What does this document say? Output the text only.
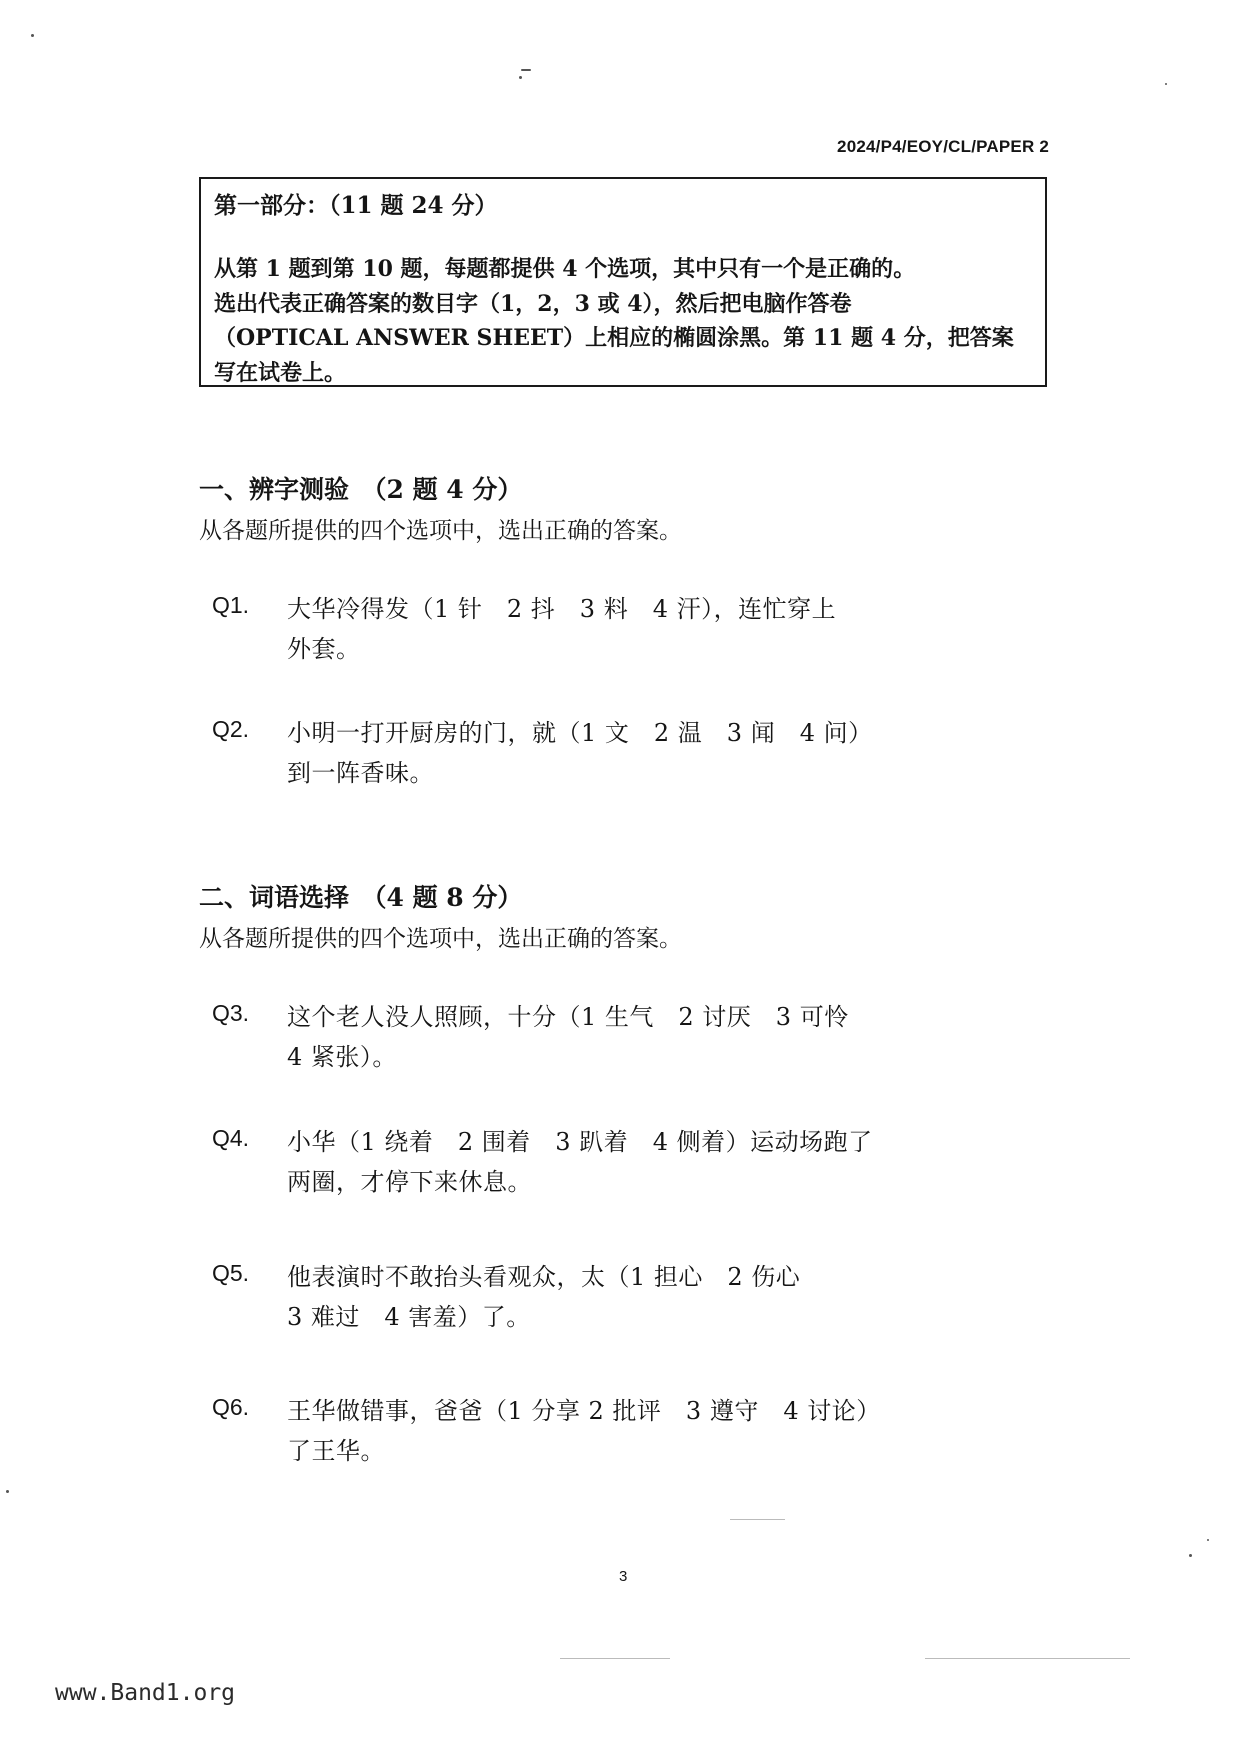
2024/P4/EOY/CL/PAPER 2
第一部分：（11 题 24 分）
从第 1 题到第 10 题，每题都提供 4 个选项，其中只有一个是正确的。
选出代表正确答案的数目字（1，2，3 或 4），然后把电脑作答卷
（OPTICAL ANSWER SHEET）上相应的椭圆涂黑。第 11 题 4 分，把答案
写在试卷上。
一、辨字测验　（2 题 4 分）
从各题所提供的四个选项中，选出正确的答案。
Q1. 大华冷得发（1 针　2 抖　3 料　4 汗），连忙穿上
外套。
Q2. 小明一打开厨房的门，就（1 文　2 温　3 闻　4 问）
到一阵香味。
二、词语选择　（4 题 8 分）
从各题所提供的四个选项中，选出正确的答案。
Q3. 这个老人没人照顾，十分（1 生气　2 讨厌　3 可怜
4 紧张）。
Q4. 小华（1 绕着　2 围着　3 趴着　4 侧着）运动场跑了
两圈，才停下来休息。
Q5. 他表演时不敢抬头看观众，太（1 担心　2 伤心
3 难过　4 害羞）了。
Q6. 王华做错事，爸爸（1 分享 2 批评　3 遵守　4 讨论）
了王华。
3
www.Band1.org
